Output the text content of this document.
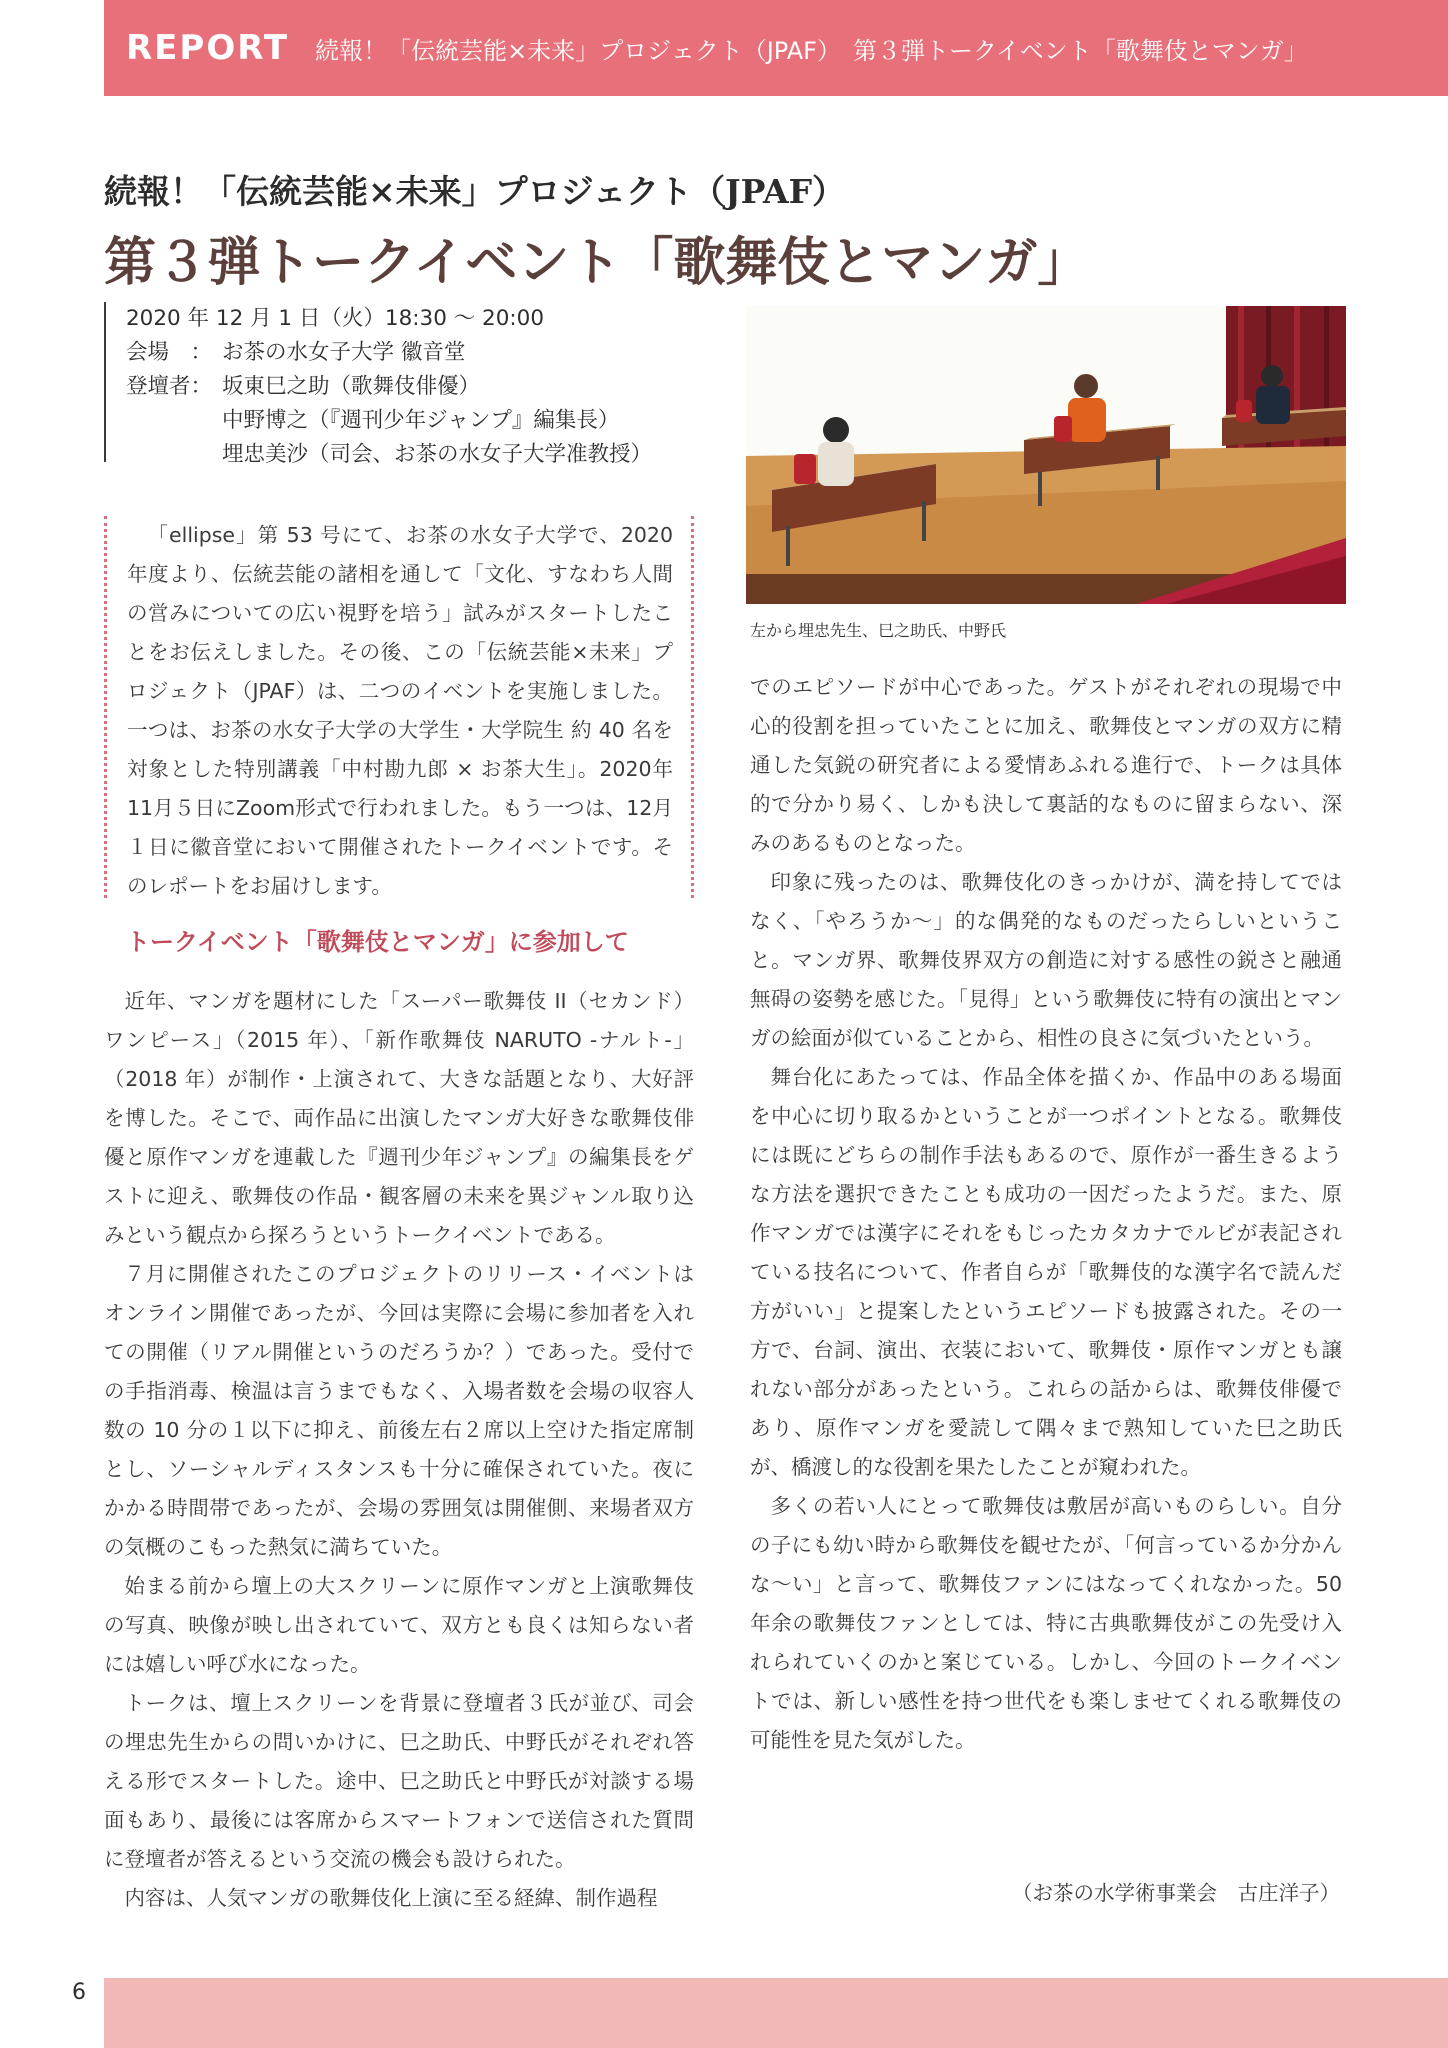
REPORT 続報！「伝統芸能×未来」プロジェクト（JPAF）　第３弾トークイベント「歌舞伎とマンガ」
続報！「伝統芸能×未来」プロジェクト（JPAF）
第３弾トークイベント「歌舞伎とマンガ」
2020 年 12 月 1 日（火）18:30 〜 20:00
会場　： お茶の水女子大学 徽音堂
登壇者： 坂東巳之助（歌舞伎俳優）
中野博之（『週刊少年ジャンプ』編集長）
埋忠美沙（司会、お茶の水女子大学准教授）

「ellipse」第 53 号にて、お茶の水女子大学で、2020 年度より、伝統芸能の諸相を通して「文化、すなわち人間の営みについての広い視野を培う」試みがスタートしたことをお伝えしました。その後、この「伝統芸能×未来」プロジェクト（JPAF）は、二つのイベントを実施しました。一つは、お茶の水女子大学の大学生・大学院生 約 40 名を対象とした特別講義「中村勘九郎 × お茶大生」。2020年11月５日にZoom形式で行われました。もう一つは、12月１日に徽音堂において開催されたトークイベントです。そのレポートをお届けします。

トークイベント「歌舞伎とマンガ」に参加して

近年、マンガを題材にした「スーパー歌舞伎 II（セカンド）ワンピース」（2015 年）、「新作歌舞伎 NARUTO -ナルト-」（2018 年）が制作・上演されて、大きな話題となり、大好評を博した。そこで、両作品に出演したマンガ大好きな歌舞伎俳優と原作マンガを連載した『週刊少年ジャンプ』の編集長をゲストに迎え、歌舞伎の作品・観客層の未来を異ジャンル取り込みという観点から探ろうというトークイベントである。

７月に開催されたこのプロジェクトのリリース・イベントはオンライン開催であったが、今回は実際に会場に参加者を入れての開催（リアル開催というのだろうか？）であった。受付での手指消毒、検温は言うまでもなく、入場者数を会場の収容人数の 10 分の１以下に抑え、前後左右２席以上空けた指定席制とし、ソーシャルディスタンスも十分に確保されていた。夜にかかる時間帯であったが、会場の雰囲気は開催側、来場者双方の気概のこもった熱気に満ちていた。

始まる前から壇上の大スクリーンに原作マンガと上演歌舞伎の写真、映像が映し出されていて、双方とも良くは知らない者には嬉しい呼び水になった。

トークは、壇上スクリーンを背景に登壇者３氏が並び、司会の埋忠先生からの問いかけに、巳之助氏、中野氏がそれぞれ答える形でスタートした。途中、巳之助氏と中野氏が対談する場面もあり、最後には客席からスマートフォンで送信された質問に登壇者が答えるという交流の機会も設けられた。

内容は、人気マンガの歌舞伎化上演に至る経緯、制作過程

左から埋忠先生、巳之助氏、中野氏

でのエピソードが中心であった。ゲストがそれぞれの現場で中心的役割を担っていたことに加え、歌舞伎とマンガの双方に精通した気鋭の研究者による愛情あふれる進行で、トークは具体的で分かり易く、しかも決して裏話的なものに留まらない、深みのあるものとなった。

印象に残ったのは、歌舞伎化のきっかけが、満を持してではなく、「やろうか〜」的な偶発的なものだったらしいということ。マンガ界、歌舞伎界双方の創造に対する感性の鋭さと融通無碍の姿勢を感じた。「見得」という歌舞伎に特有の演出とマンガの絵面が似ていることから、相性の良さに気づいたという。

舞台化にあたっては、作品全体を描くか、作品中のある場面を中心に切り取るかということが一つポイントとなる。歌舞伎には既にどちらの制作手法もあるので、原作が一番生きるような方法を選択できたことも成功の一因だったようだ。また、原作マンガでは漢字にそれをもじったカタカナでルビが表記されている技名について、作者自らが「歌舞伎的な漢字名で読んだ方がいい」と提案したというエピソードも披露された。その一方で、台詞、演出、衣装において、歌舞伎・原作マンガとも譲れない部分があったという。これらの話からは、歌舞伎俳優であり、原作マンガを愛読して隅々まで熟知していた巳之助氏が、橋渡し的な役割を果たしたことが窺われた。

多くの若い人にとって歌舞伎は敷居が高いものらしい。自分の子にも幼い時から歌舞伎を観せたが、「何言っているか分かんな〜い」と言って、歌舞伎ファンにはなってくれなかった。50 年余の歌舞伎ファンとしては、特に古典歌舞伎がこの先受け入れられていくのかと案じている。しかし、今回のトークイベントでは、新しい感性を持つ世代をも楽しませてくれる歌舞伎の可能性を見た気がした。

（お茶の水学術事業会　古庄洋子）
6
